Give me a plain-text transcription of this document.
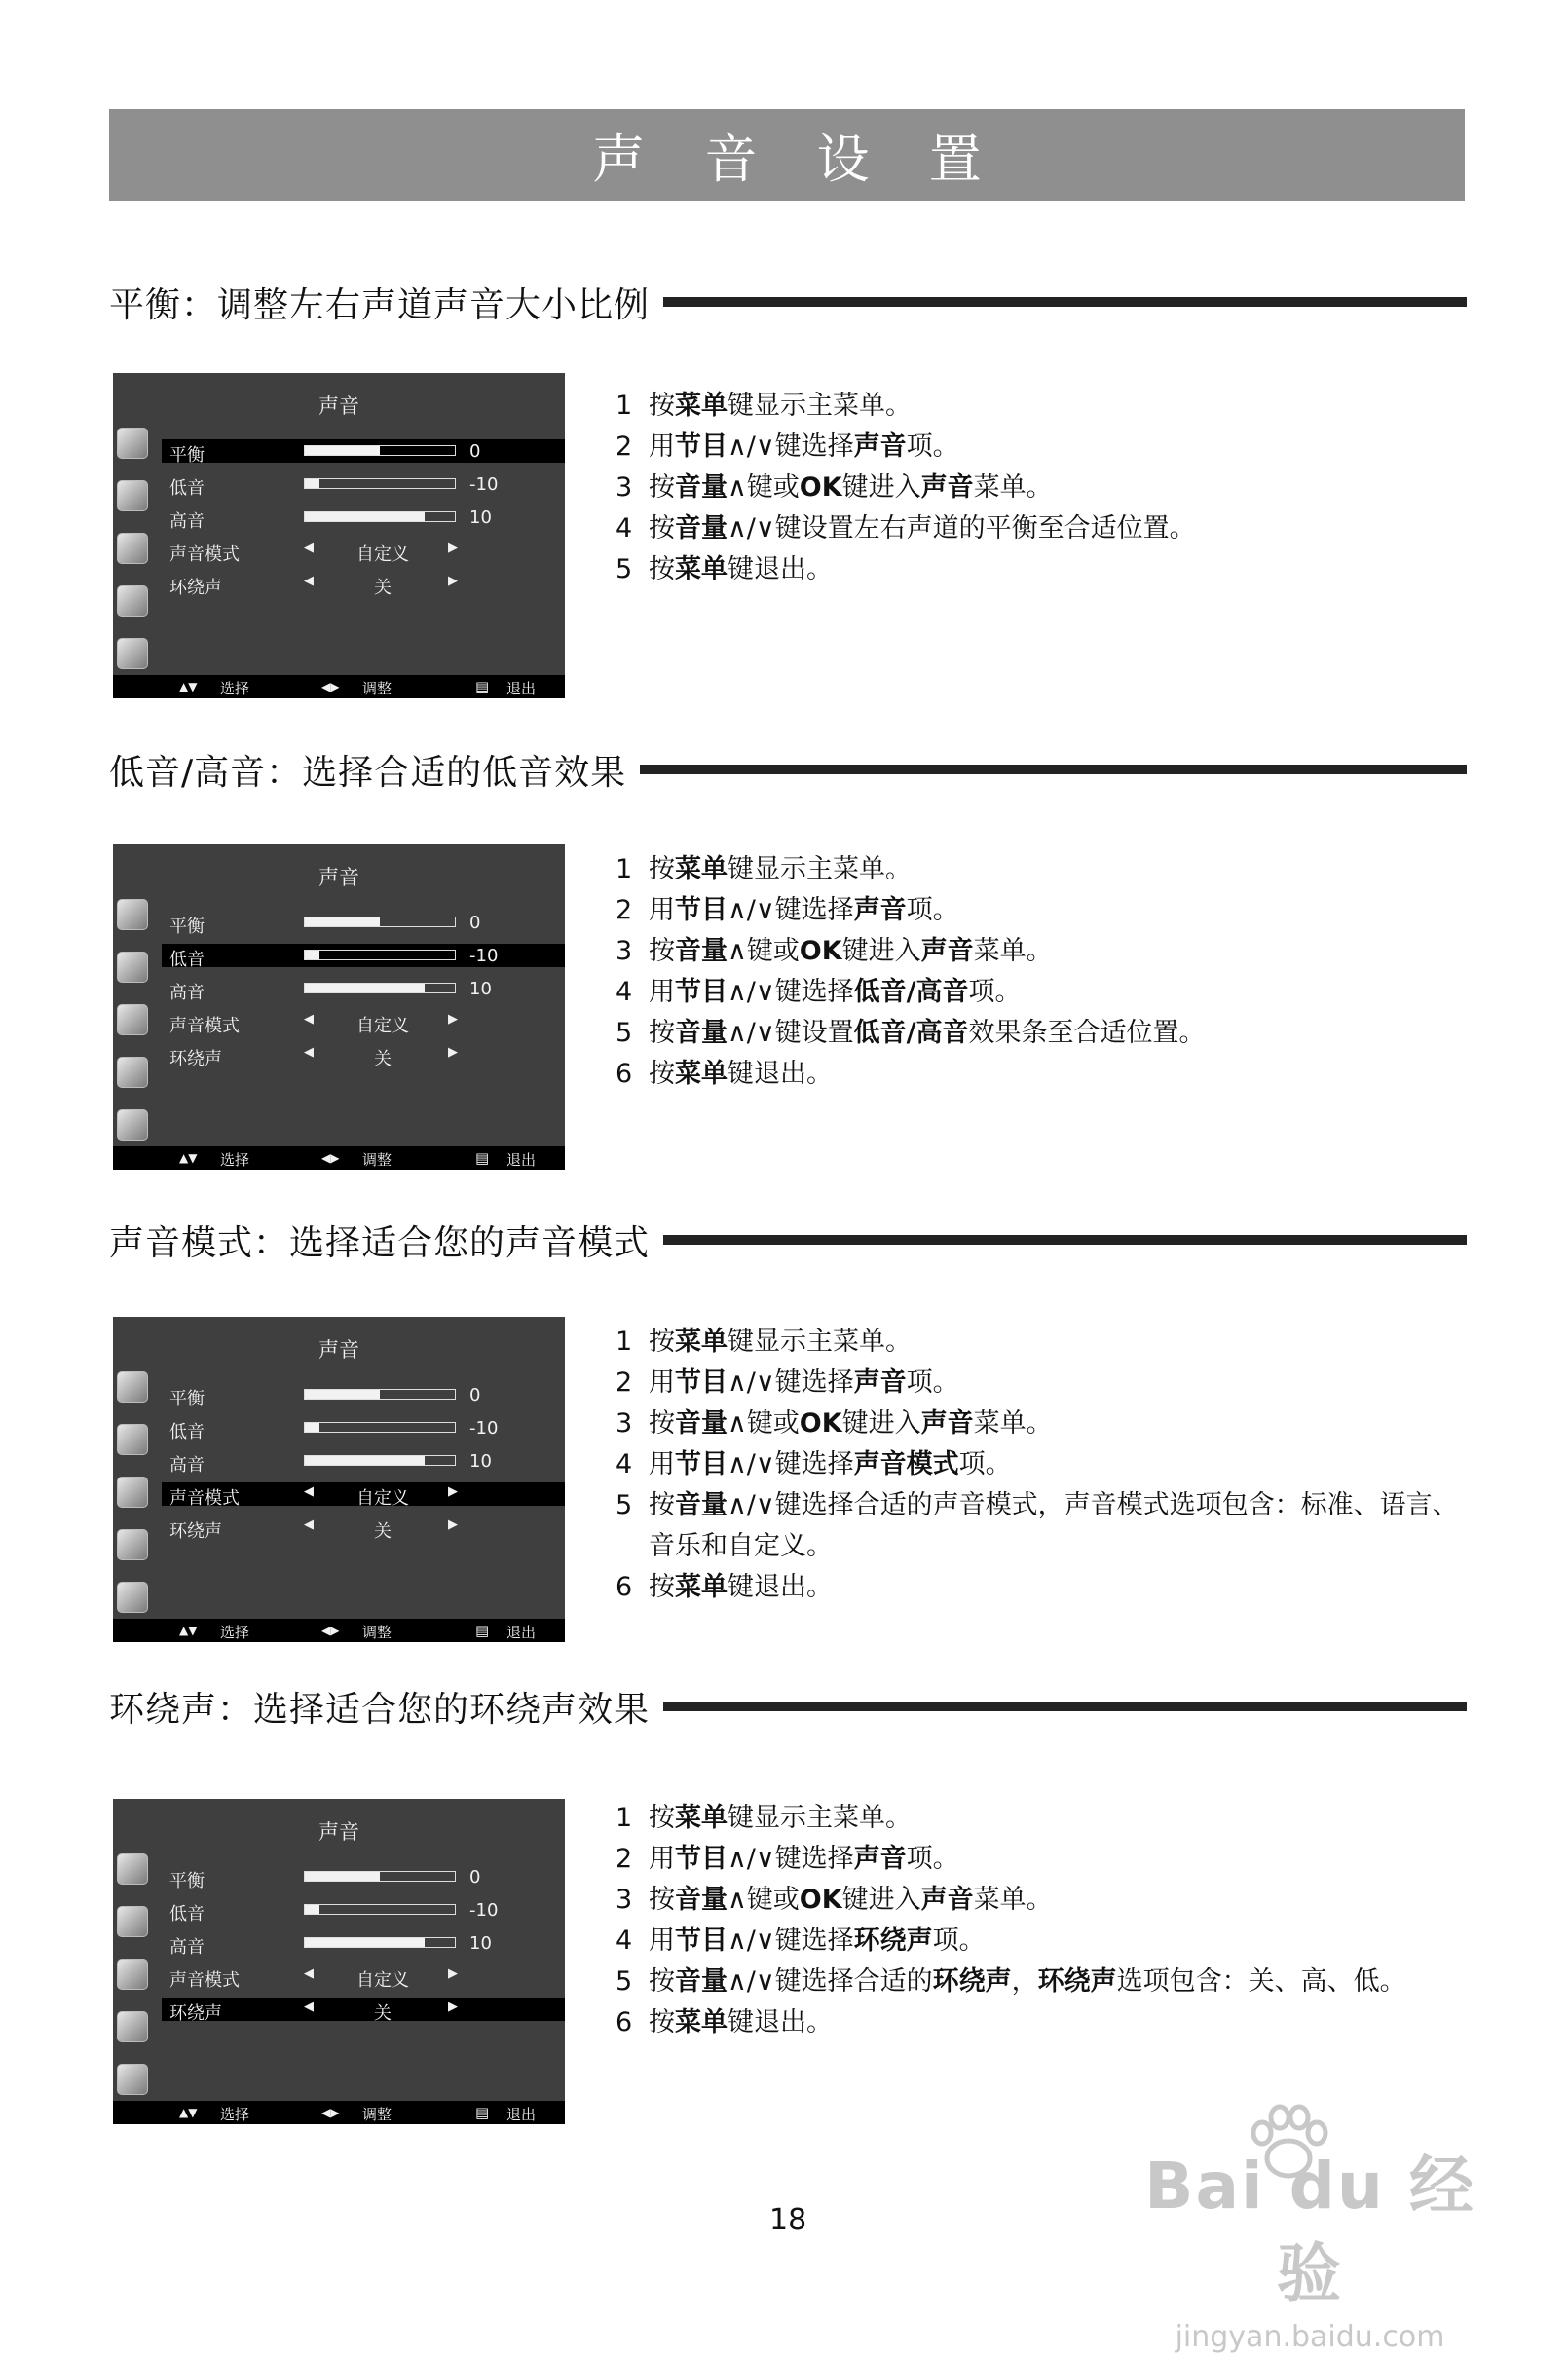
声 音 设 置
平衡：调整左右声道声音大小比例
声音
平衡	0
低音	-10
高音	10
声音模式	◀	自定义	▶
环绕声	◀	关	▶
▲▼ 选择	◀▶ 调整	▤ 退出
1 按菜单键显示主菜单。
2 用节目∧/∨键选择声音项。
3 按音量∧键或OK键进入声音菜单。
4 按音量∧/∨键设置左右声道的平衡至合适位置。
5 按菜单键退出。
低音/高音：选择合适的低音效果
声音
平衡	0
低音	-10
高音	10
声音模式	◀	自定义	▶
环绕声	◀	关	▶
▲▼ 选择	◀▶ 调整	▤ 退出
1 按菜单键显示主菜单。
2 用节目∧/∨键选择声音项。
3 按音量∧键或OK键进入声音菜单。
4 用节目∧/∨键选择低音/高音项。
5 按音量∧/∨键设置低音/高音效果条至合适位置。
6 按菜单键退出。
声音模式：选择适合您的声音模式
声音
平衡	0
低音	-10
高音	10
声音模式	◀	自定义	▶
环绕声	◀	关	▶
▲▼ 选择	◀▶ 调整	▤ 退出
1 按菜单键显示主菜单。
2 用节目∧/∨键选择声音项。
3 按音量∧键或OK键进入声音菜单。
4 用节目∧/∨键选择声音模式项。
5 按音量∧/∨键选择合适的声音模式，声音模式选项包含：标准、语言、音乐和自定义。
6 按菜单键退出。
环绕声：选择适合您的环绕声效果
声音
平衡	0
低音	-10
高音	10
声音模式	◀	自定义	▶
环绕声	◀	关	▶
▲▼ 选择	◀▶ 调整	▤ 退出
1 按菜单键显示主菜单。
2 用节目∧/∨键选择声音项。
3 按音量∧键或OK键进入声音菜单。
4 用节目∧/∨键选择环绕声项。
5 按音量∧/∨键选择合适的环绕声，环绕声选项包含：关、高、低。
6 按菜单键退出。
18	Bai du 经验
jingyan.baidu.com
